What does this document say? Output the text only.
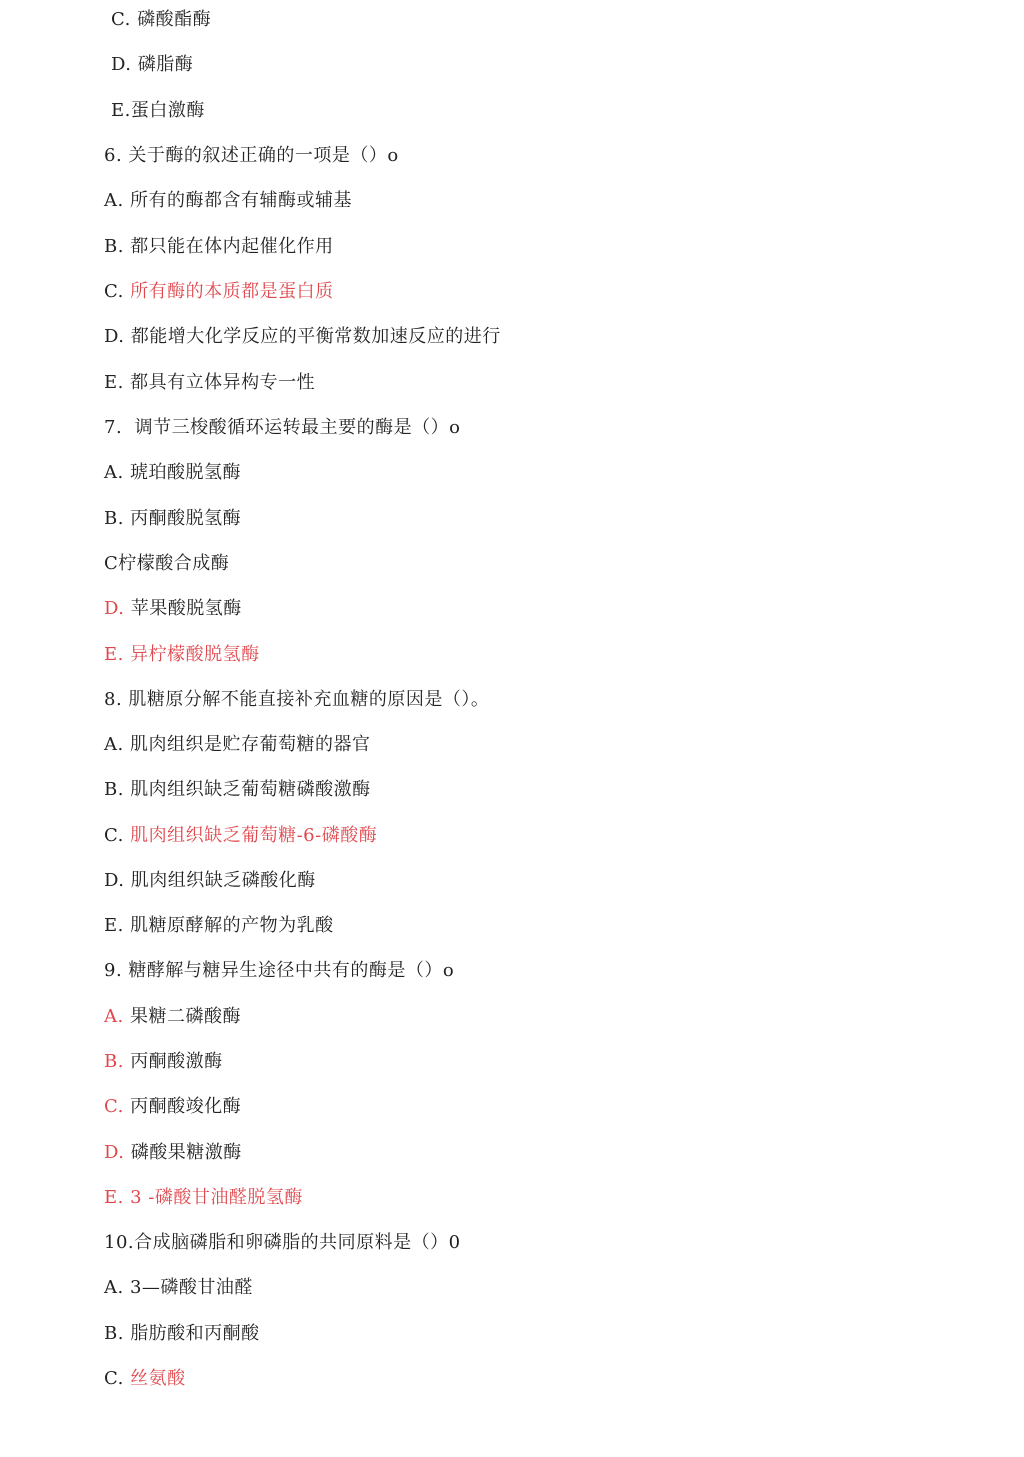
C. 磷酸酯酶
D. 磷脂酶
E.蛋白激酶
6. 关于酶的叙述正确的一项是（）o
A. 所有的酶都含有辅酶或辅基
B. 都只能在体内起催化作用
C. 所有酶的本质都是蛋白质
D. 都能增大化学反应的平衡常数加速反应的进行
E. 都具有立体异构专一性
7. 调节三梭酸循环运转最主要的酶是（）o
A. 琥珀酸脱氢酶
B. 丙酮酸脱氢酶
C柠檬酸合成酶
D. 苹果酸脱氢酶
E. 异柠檬酸脱氢酶
8. 肌糖原分解不能直接补充血糖的原因是（）。
A. 肌肉组织是贮存葡萄糖的器官
B. 肌肉组织缺乏葡萄糖磷酸激酶
C. 肌肉组织缺乏葡萄糖-6-磷酸酶
D. 肌肉组织缺乏磷酸化酶
E. 肌糖原酵解的产物为乳酸
9. 糖酵解与糖异生途径中共有的酶是（）o
A. 果糖二磷酸酶
B. 丙酮酸激酶
C. 丙酮酸竣化酶
D. 磷酸果糖激酶
E. 3 -磷酸甘油醛脱氢酶
10.合成脑磷脂和卵磷脂的共同原料是（）0
A. 3—磷酸甘油醛
B. 脂肪酸和丙酮酸
C. 丝氨酸
